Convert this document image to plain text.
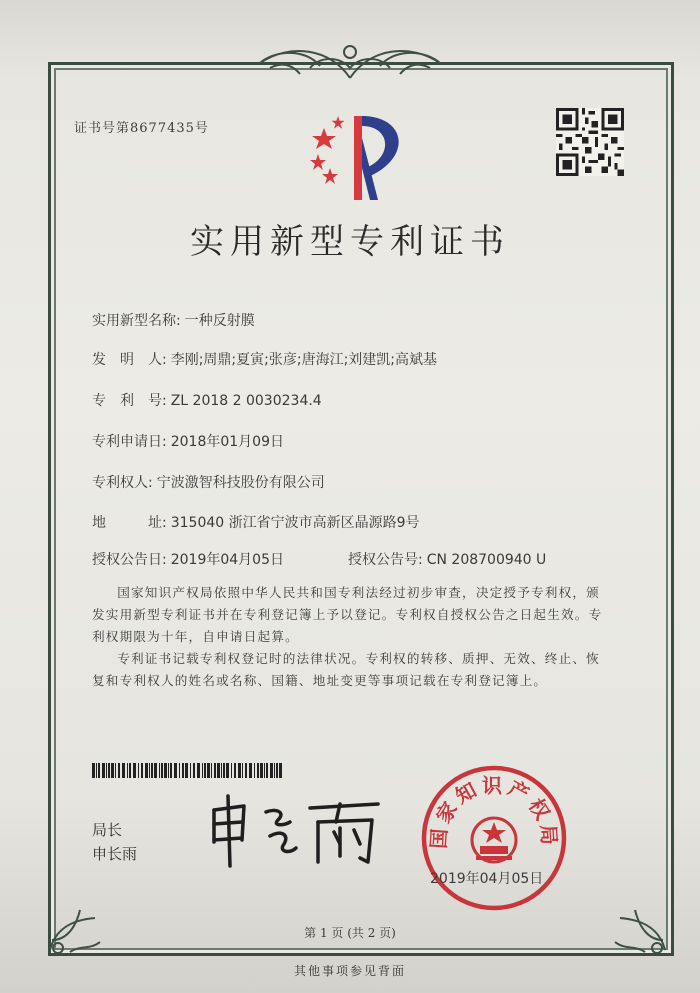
证书号第8677435号
实用新型专利证书
实用新型名称: 一种反射膜
发　明　人: 李刚;周鼎;夏寅;张彦;唐海江;刘建凯;高斌基
专　利　号: ZL 2018 2 0030234.4
专利申请日: 2018年01月09日
专利权人: 宁波激智科技股份有限公司
地　　　址: 315040 浙江省宁波市高新区晶源路9号
授权公告日: 2019年04月05日	授权公告号: CN 208700940 U
国家知识产权局依照中华人民共和国专利法经过初步审查，决定授予专利权，颁发实用新型专利证书并在专利登记簿上予以登记。专利权自授权公告之日起生效。专利权期限为十年，自申请日起算。
专利证书记载专利权登记时的法律状况。专利权的转移、质押、无效、终止、恢复和专利权人的姓名或名称、国籍、地址变更等事项记载在专利登记簿上。
局长
申长雨
国家知识产权局
2019年04月05日
第 1 页 (共 2 页)
其他事项参见背面
